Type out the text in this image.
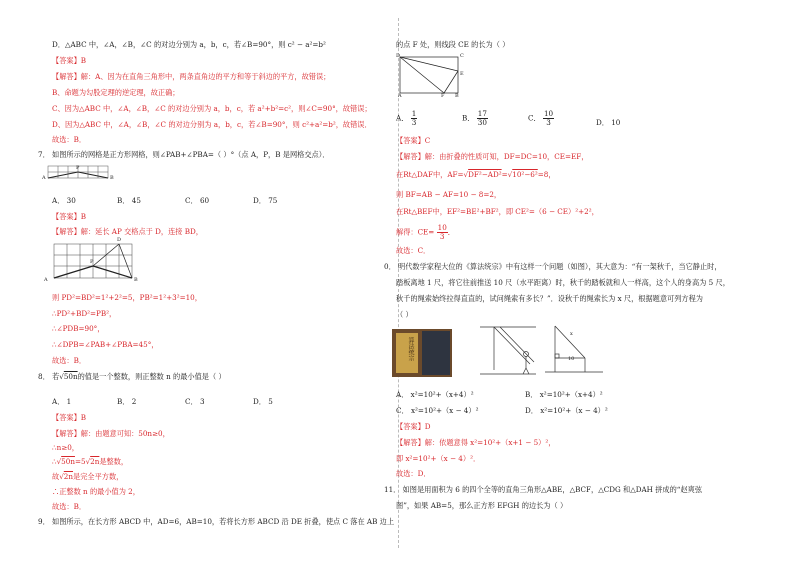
D．△ABC 中，∠A，∠B，∠C 的对边分别为 a，b，c，若∠B=90°，则 c² − a²=b²
【答案】B
【解答】解：A、因为在直角三角形中，两条直角边的平方和等于斜边的平方，故错误；
B、命题为勾股定理的逆定理，故正确；
C、因为△ABC 中，∠A，∠B，∠C 的对边分别为 a，b，c，若 a²+b²=c²，则∠C=90°，故错误；
D、因为△ABC 中，∠A，∠B，∠C 的对边分别为 a，b，c，若∠B=90°，则 c²+a²=b²，故错误．
故选：B．
7． 如图所示的网格是正方形网格，则∠PAB+∠PBA=（ ）°（点 A，P，B 是网格交点）．
A	B
P
A． 30	B． 45	C． 60	D． 75
【答案】B
【解答】解：延长 AP 交格点于 D，连接 BD，
A	B
P
D
则 PD²=BD²=1²+2²=5，PB²=1²+3²=10，
∴PD²+BD²=PB²，
∴∠PDB=90°，
∴∠DPB=∠PAB+∠PBA=45°，
故选：B．
8． 若√50n的值是一个整数，则正整数 n 的最小值是（ ）
A． 1	B． 2	C． 3	D． 5
【答案】B
【解答】解：由题意可知：50n≥0，
∴n≥0，
∴√50n=5√2n是整数，
故√2n是完全平方数，
∴正整数 n 的最小值为 2，
故选：B．
9． 如图所示，在长方形 ABCD 中，AD=6，AB=10，若将长方形 ABCD 沿 DE 折叠，使点 C 落在 AB 边上
的点 F 处，则线段 CE 的长为（ ）
D	C
E
A	F B
A． $\frac{1}{3}$	B． $\frac{17}{30}$	C． $\frac{10}{3}$	D． 10
【答案】C
【解答】解：由折叠的性质可知，DF=DC=10，CE=EF，
在Rt△DAF中，AF=√DF²−AD²=√10²−6²=8，
则 BF=AB − AF=10 − 8=2，
在Rt△BEF中，EF²=BE²+BF²，即 CE²=（6 − CE）²+2²，
解得：$CE= \frac{10}{3}$ ．
故选：C．
0． 明代数学家程大位的《算法统宗》中有这样一个问题（如图），其大意为：“有一架秋千，当它静止时，
踏板离地 1 尺，将它往前推送 10 尺（水平距离）时，秋千的踏板就和人一样高，这个人的身高为 5 尺，
秋千的绳索始终拉得直直的，试问绳索有多长？”．设秋千的绳索长为 x 尺，根据题意可列方程为
（ ）
算法统宗
x
10
A． x²=10²+（x+4）²	B． x²=10²+（x+4）²
C． x²=10²+（x − 4）²	D． x²=10²+（x − 4）²
【答案】D
【解答】解：依题意得 x²=10²+（x+1 − 5）²，
即 x²=10²+（x − 4）²．
故选：D．
11． 如图是用面积为 6 的四个全等的直角三角形△ABE，△BCF，△CDG 和△DAH 拼成的“赵爽弦
图”，如果 AB=5，那么正方形 EFGH 的边长为（ ）
